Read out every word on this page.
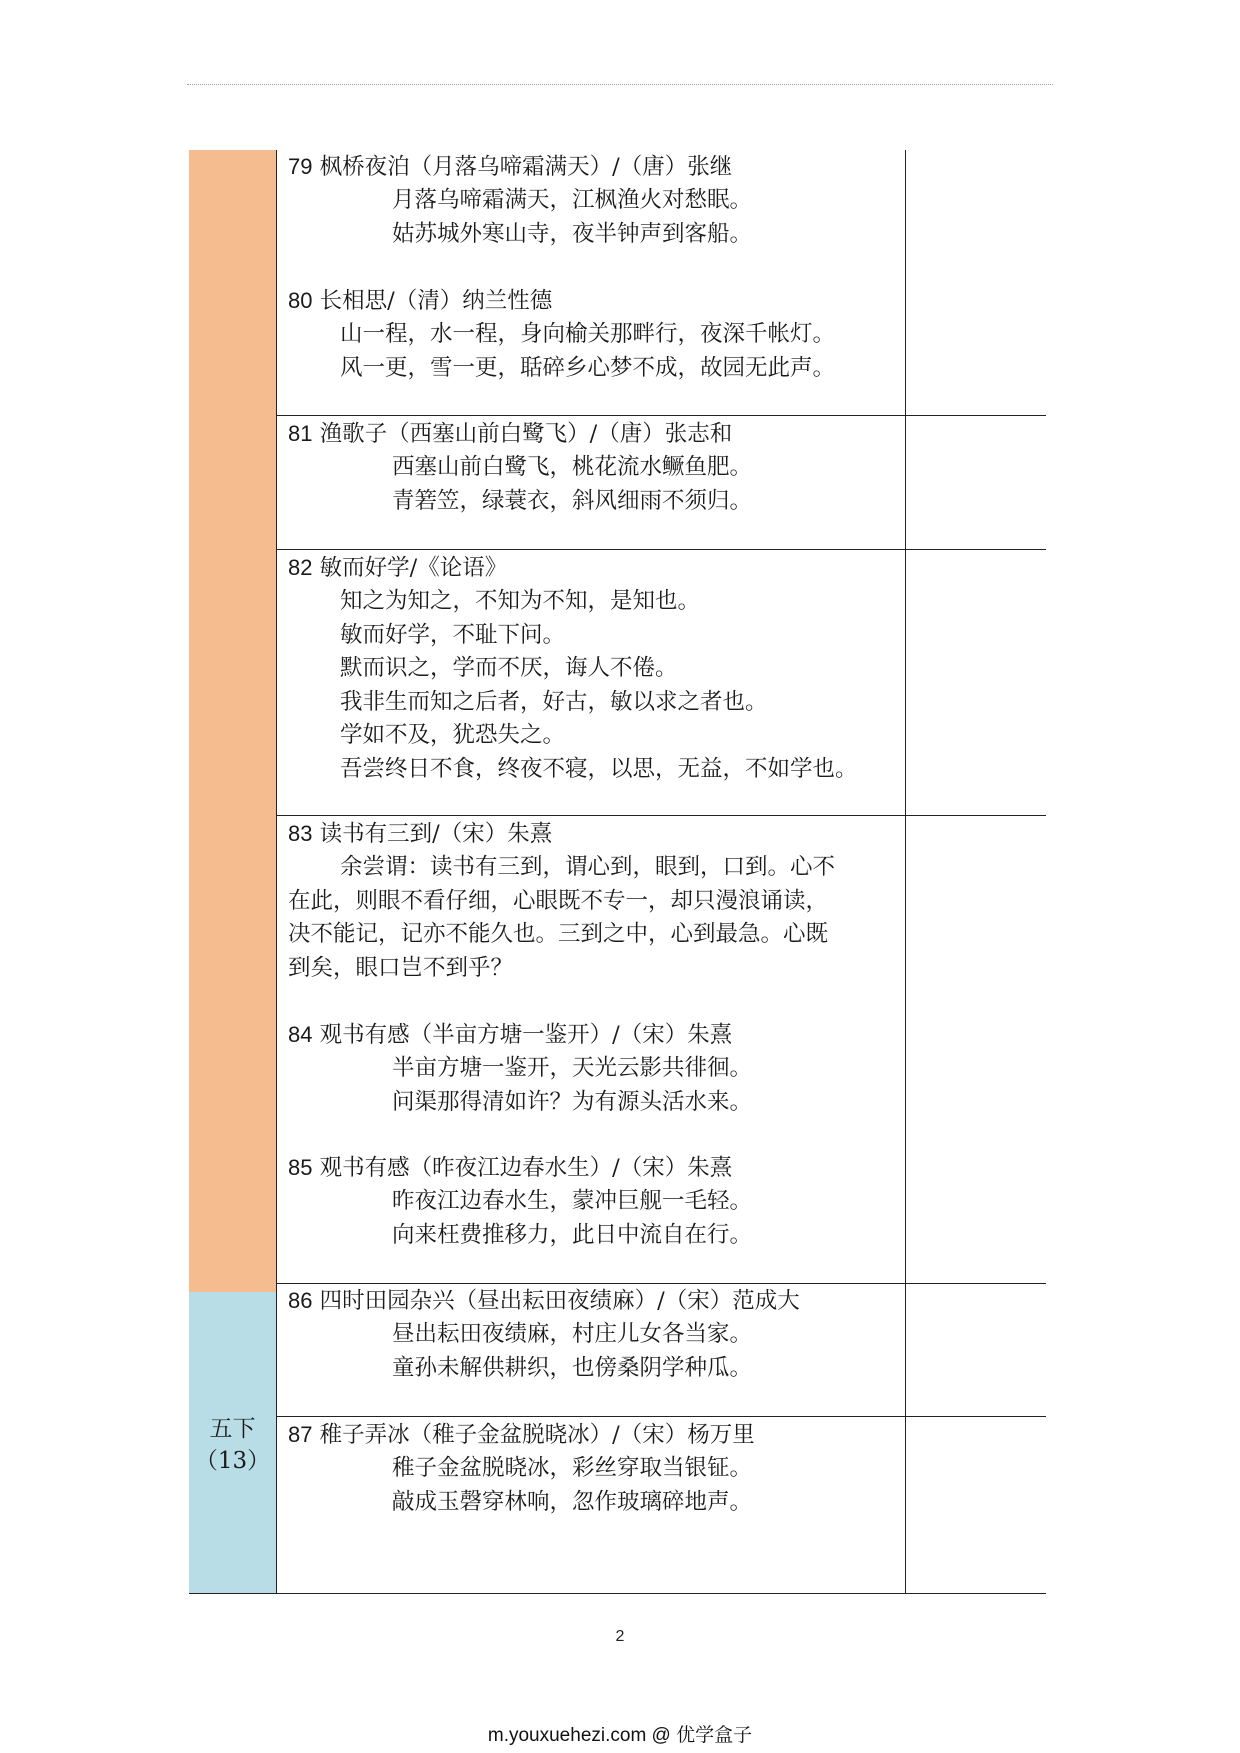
五下
（13）
79 枫桥夜泊（月落乌啼霜满天）/（唐）张继
月落乌啼霜满天，江枫渔火对愁眠。
姑苏城外寒山寺，夜半钟声到客船。
80 长相思/（清）纳兰性德
山一程，水一程，身向榆关那畔行，夜深千帐灯。
风一更，雪一更，聒碎乡心梦不成，故园无此声。
81 渔歌子（西塞山前白鹭飞）/（唐）张志和
西塞山前白鹭飞，桃花流水鳜鱼肥。
青箬笠，绿蓑衣，斜风细雨不须归。
82 敏而好学/《论语》
知之为知之，不知为不知，是知也。
敏而好学，不耻下问。
默而识之，学而不厌，诲人不倦。
我非生而知之后者，好古，敏以求之者也。
学如不及，犹恐失之。
吾尝终日不食，终夜不寝，以思，无益，不如学也。
83 读书有三到/（宋）朱熹
余尝谓：读书有三到，谓心到，眼到，口到。心不
在此，则眼不看仔细，心眼既不专一，却只漫浪诵读，
决不能记，记亦不能久也。三到之中，心到最急。心既
到矣，眼口岂不到乎？
84 观书有感（半亩方塘一鉴开）/（宋）朱熹
半亩方塘一鉴开，天光云影共徘徊。
问渠那得清如许？为有源头活水来。
85 观书有感（昨夜江边春水生）/（宋）朱熹
昨夜江边春水生，蒙冲巨舰一毛轻。
向来枉费推移力，此日中流自在行。
86 四时田园杂兴（昼出耘田夜绩麻）/（宋）范成大
昼出耘田夜绩麻，村庄儿女各当家。
童孙未解供耕织，也傍桑阴学种瓜。
87 稚子弄冰（稚子金盆脱晓冰）/（宋）杨万里
稚子金盆脱晓冰，彩丝穿取当银钲。
敲成玉磬穿林响，忽作玻璃碎地声。
2
m.youxuehezi.com @ 优学盒子
